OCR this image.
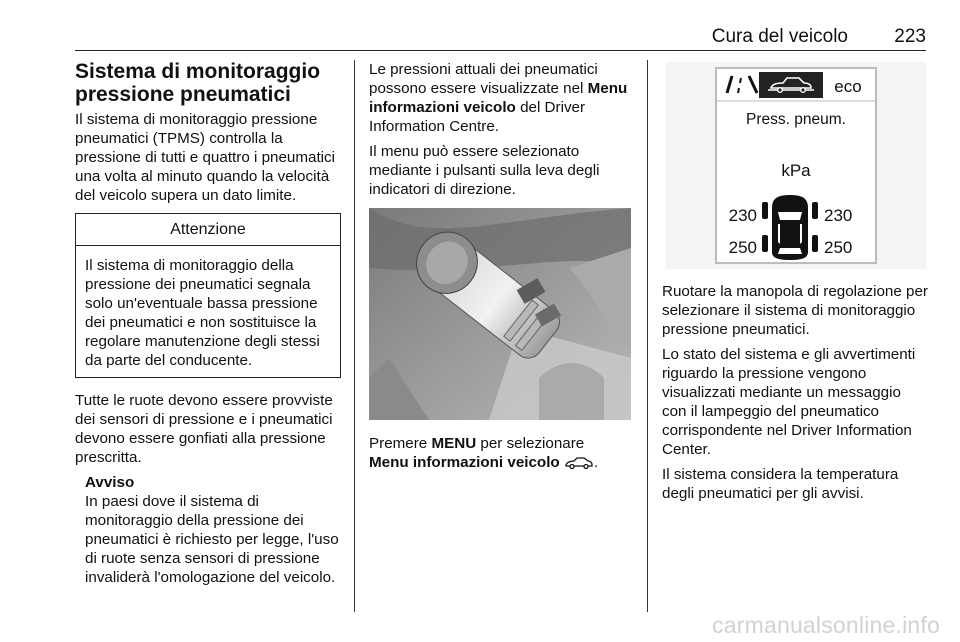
Cura del veicolo 223
Sistema di monitoraggio pressione pneumatici

Il sistema di monitoraggio pressione pneumatici (TPMS) controlla la pressione di tutti e quattro i pneumatici una volta al minuto quando la velocità del veicolo supera un dato limite.

Attenzione
Il sistema di monitoraggio della pressione dei pneumatici segnala solo un'eventuale bassa pressione dei pneumatici e non sostituisce la regolare manutenzione degli stessi da parte del conducente.

Tutte le ruote devono essere provviste dei sensori di pressione e i pneumatici devono essere gonfiati alla pressione prescritta.

Avviso
In paesi dove il sistema di monitoraggio della pressione dei pneumatici è richiesto per legge, l'uso di ruote senza sensori di pressione invaliderà l'omologazione del veicolo.

Le pressioni attuali dei pneumatici possono essere visualizzate nel Menu informazioni veicolo del Driver Information Centre.

Il menu può essere selezionato mediante i pulsanti sulla leva degli indicatori di direzione.

Premere MENU per selezionare
Menu informazioni veicolo .

eco
Press. pneum.
kPa
230	230
250	250

Ruotare la manopola di regolazione per selezionare il sistema di monitoraggio pressione pneumatici.

Lo stato del sistema e gli avvertimenti riguardo la pressione vengono visualizzati mediante un messaggio con il lampeggio del pneumatico corrispondente nel Driver Information Center.

Il sistema considera la temperatura degli pneumatici per gli avvisi.

carmanualsonline.info
